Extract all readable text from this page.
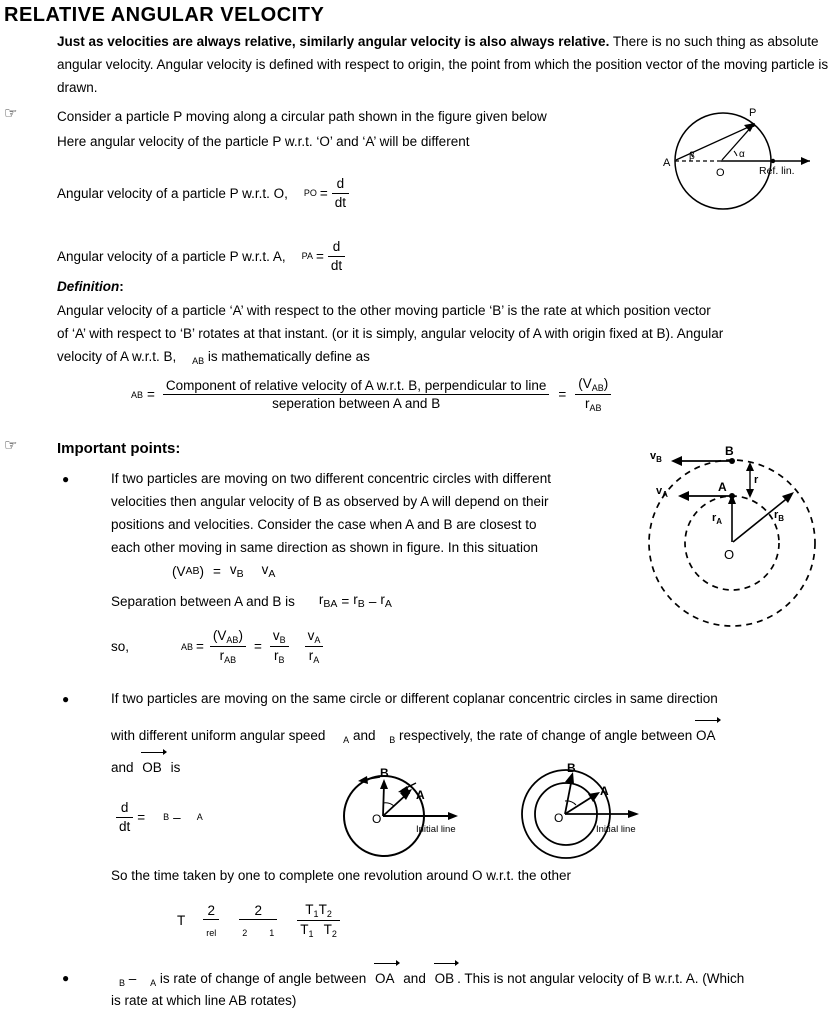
RELATIVE ANGULAR VELOCITY
Just as velocities are always relative, similarly angular velocity is also always relative. There is no such thing as absolute angular velocity. Angular velocity is defined with respect to origin, the point from which the position vector of the moving particle is drawn.
☞	Consider a particle P moving along a circular path shown in the figure given below
Here angular velocity of the particle P w.r.t. ‘O’ and ‘A’ will be different
P
A
O
α
β
Ref. lin.
Angular velocity of a particle P w.r.t. O, PO = $\frac{d}{dt}$
Angular velocity of a particle P w.r.t. A, PA = $\frac{d}{dt}$
Definition:
Angular velocity of a particle ‘A’ with respect to the other moving particle ‘B’ is the rate at which position vector
of ‘A’ with respect to ‘B’ rotates at that instant. (or it is simply, angular velocity of A with origin fixed at B). Angular
velocity of A w.r.t. B, $_{AB}$ is mathematically define as
AB =
Component of relative velocity of A w.r.t. B, perpendicular to line
seperation between A and B
= $\frac{(V_{AB})}{r_{AB}}$
☞	Important points:
●	If two particles are moving on two different concentric circles with different
velocities then angular velocity of B as observed by A will depend on their
positions and velocities. Consider the case when A and B are closest to
each other moving in same direction as shown in figure. In this situation
B
A
O
$v_B$
$v_A$
$r_A$
$r_B$
r
(V AB ) = $v_B$ $v_A$
Separation between A and B is $r_{BA} = r_B - r_A$
so,	AB = $\frac{(V_{AB})}{r_{AB}} = \frac{v_B}{r_B} \frac{v_A}{r_A}$
●	If two particles are moving on the same circle or different coplanar concentric circles in same direction
with different uniform angular speed $_A$ and $_B$ respectively, the rate of change of angle between OA
and OB is
$\frac{d}{dt} = B - A$
B
A
O
Initial line
B
A
O
Initial line
So the time taken by one to complete one revolution around O w.r.t. the other
T $\frac{2}{_{rel}} \frac{2}{_2 _1} \frac{T_1T_2}{T_1 T_2}$
●	$_B$ – $_A$ is rate of change of angle between OA and OB . This is not angular velocity of B w.r.t. A. (Which
is rate at which line AB rotates)
